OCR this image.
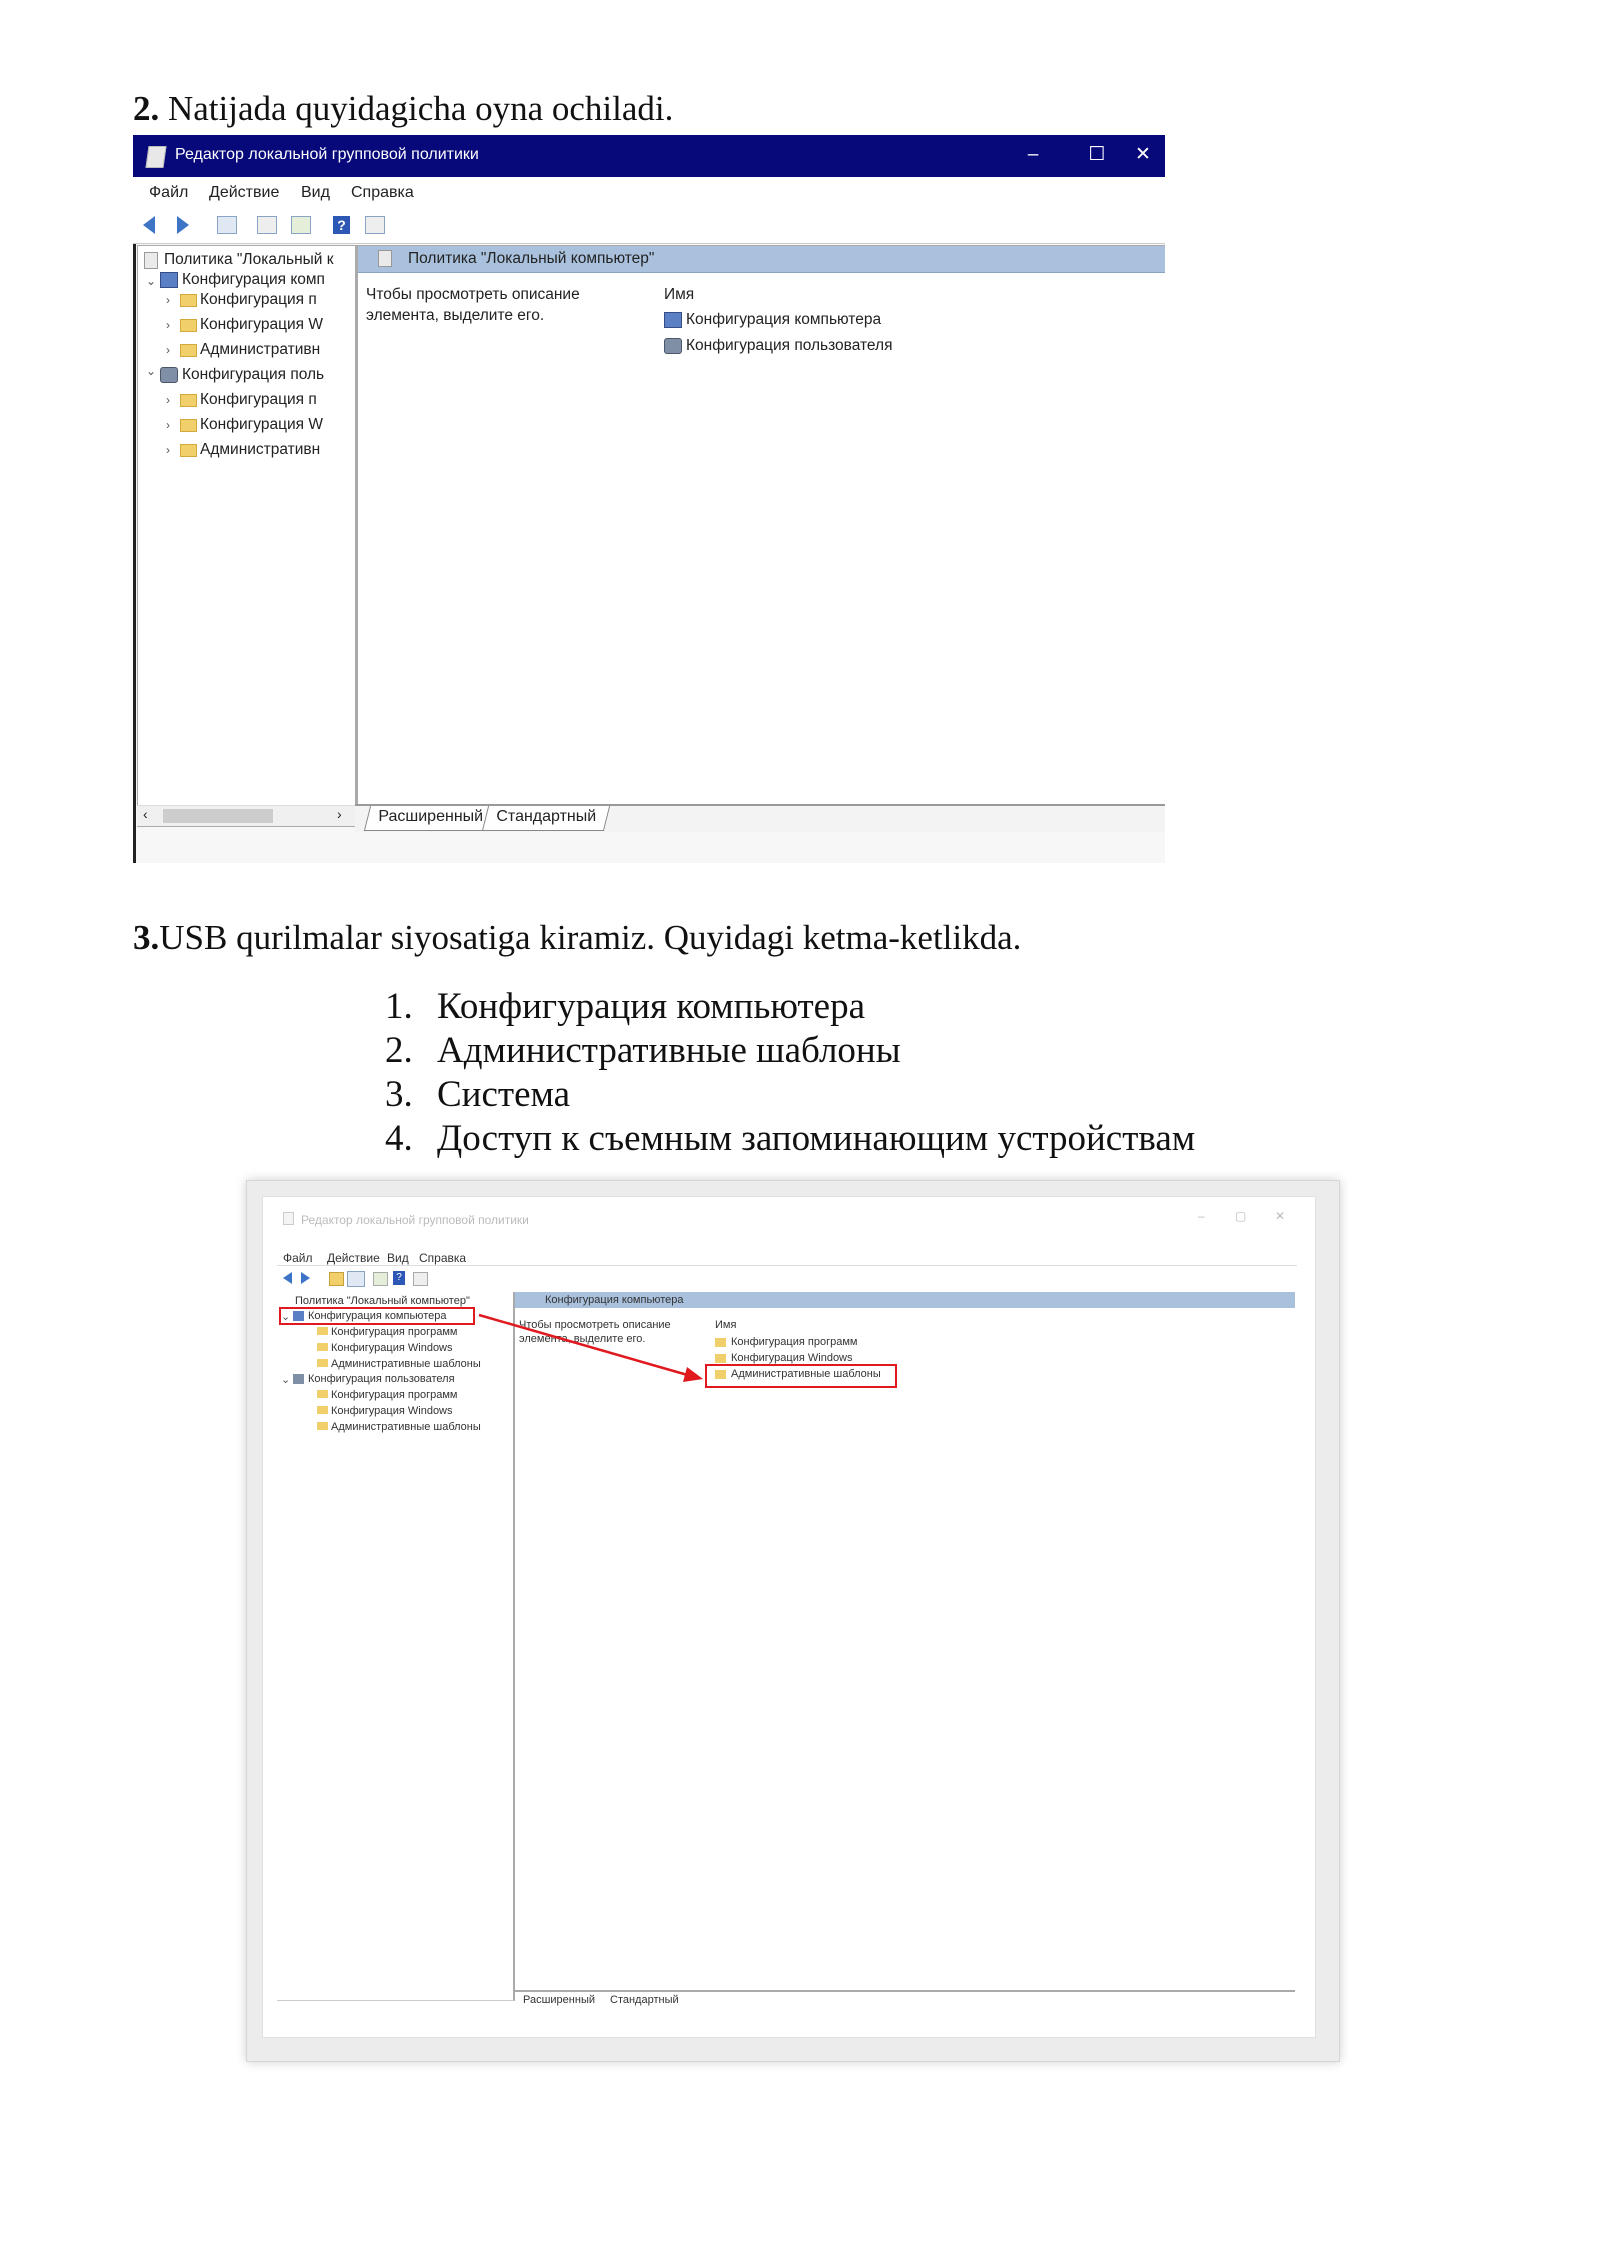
2. Natijada quyidagicha oyna ochiladi.
Редактор локальной групповой политики	–	☐	✕
Файл Действие Вид Справка
?
Политика "Локальный к
⌄ Конфигурация комп
› Конфигурация п
› Конфигурация W
› Административн
⌄ Конфигурация поль
› Конфигурация п
› Конфигурация W
› Административн
‹	›
Политика "Локальный компьютер"
Чтобы просмотреть описание
элемента, выделите его.
Имя
Конфигурация компьютера
Конфигурация пользователя
Расширенный Стандартный
3.USB qurilmalar siyosatiga kiramiz. Quyidagi ketma-ketlikda.
1. Конфигурация компьютера
2. Административные шаблоны
3. Система
4. Доступ к съемным запоминающим устройствам
Редактор локальной групповой политики	–	▢ ✕
Файл Действие Вид Справка
?
Политика "Локальный компьютер"
⌄ Конфигурация компьютера
Конфигурация программ
Конфигурация Windows
Административные шаблоны
⌄ Конфигурация пользователя
Конфигурация программ
Конфигурация Windows
Административные шаблоны
Конфигурация компьютера
Чтобы просмотреть описание
элемента, выделите его.
Имя
Конфигурация программ
Конфигурация Windows
Административные шаблоны
Расширенный Стандартный
